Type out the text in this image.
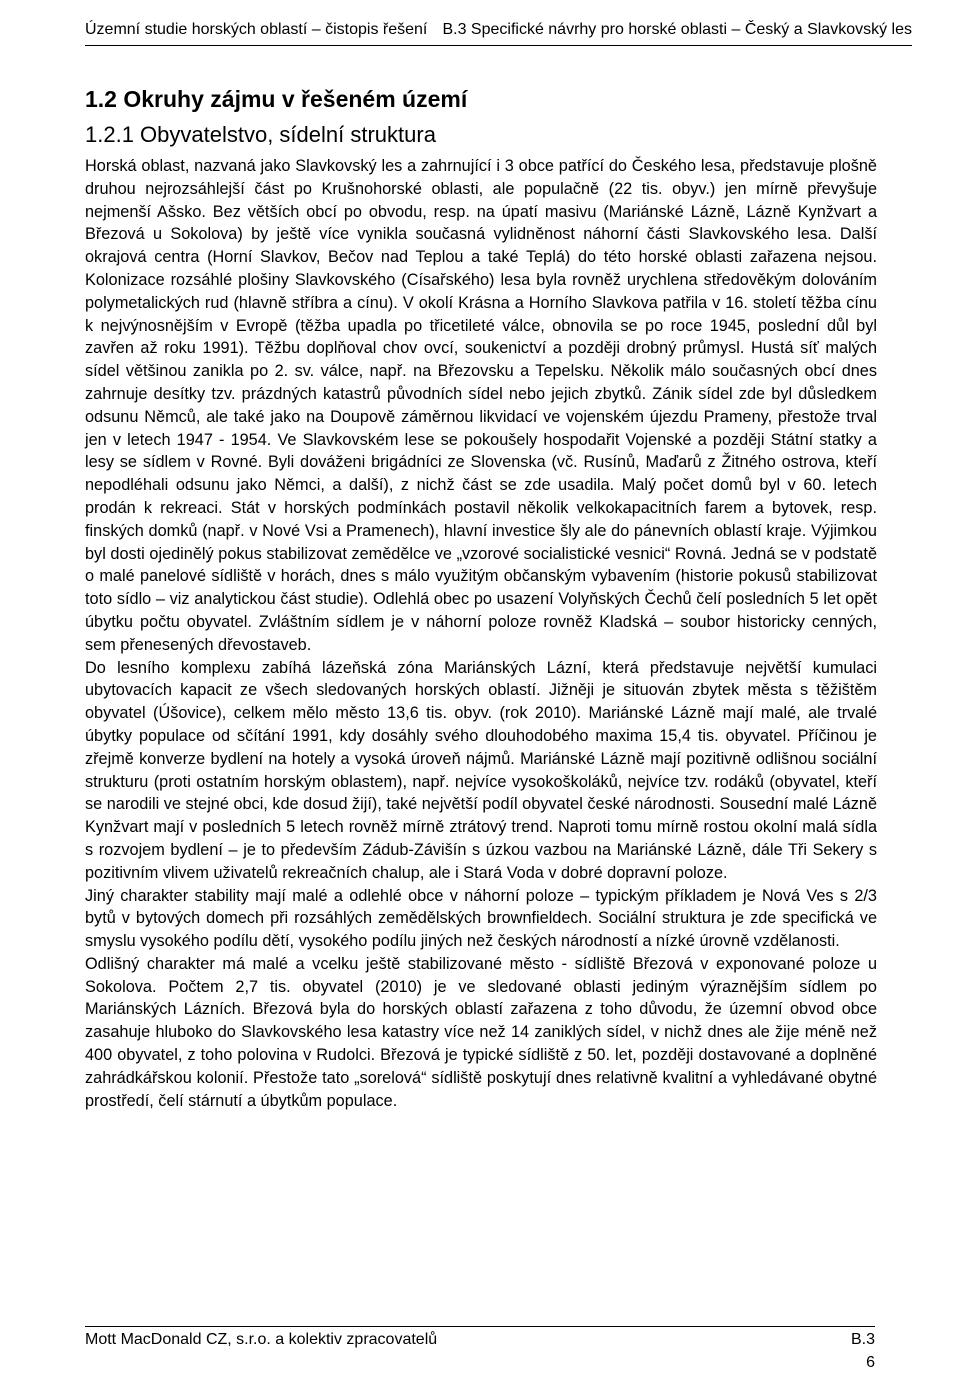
Územní studie horských oblastí – čistopis řešení B.3 Specifické návrhy pro horské oblasti – Český a Slavkovský les
1.2 Okruhy zájmu v řešeném území
1.2.1 Obyvatelstvo, sídelní struktura

Horská oblast, nazvaná jako Slavkovský les a zahrnující i 3 obce patřící do Českého lesa, představuje plošně druhou nejrozsáhlejší část po Krušnohorské oblasti, ale populačně (22 tis. obyv.) jen mírně převyšuje nejmenší Ašsko. Bez větších obcí po obvodu, resp. na úpatí masivu (Mariánské Lázně, Lázně Kynžvart a Březová u Sokolova) by ještě více vynikla současná vylidněnost náhorní části Slavkovského lesa. Další okrajová centra (Horní Slavkov, Bečov nad Teplou a také Teplá) do této horské oblasti zařazena nejsou. Kolonizace rozsáhlé plošiny Slavkovského (Císařského) lesa byla rovněž urychlena středověkým dolováním polymetalických rud (hlavně stříbra a cínu). V okolí Krásna a Horního Slavkova patřila v 16. století těžba cínu k nejvýnosnějším v Evropě (těžba upadla po třicetileté válce, obnovila se po roce 1945, poslední důl byl zavřen až roku 1991). Těžbu doplňoval chov ovcí, soukenictví a později drobný průmysl. Hustá síť malých sídel většinou zanikla po 2. sv. válce, např. na Březovsku a Tepelsku. Několik málo současných obcí dnes zahrnuje desítky tzv. prázdných katastrů původních sídel nebo jejich zbytků. Zánik sídel zde byl důsledkem odsunu Němců, ale také jako na Doupově záměrnou likvidací ve vojenském újezdu Prameny, přestože trval jen v letech 1947 - 1954. Ve Slavkovském lese se pokoušely hospodařit Vojenské a později Státní statky a lesy se sídlem v Rovné. Byli dováženi brigádníci ze Slovenska (vč. Rusínů, Maďarů z Žitného ostrova, kteří nepodléhali odsunu jako Němci, a další), z nichž část se zde usadila. Malý počet domů byl v 60. letech prodán k rekreaci. Stát v horských podmínkách postavil několik velkokapacitních farem a bytovek, resp. finských domků (např. v Nové Vsi a Pramenech), hlavní investice šly ale do pánevních oblastí kraje. Výjimkou byl dosti ojedinělý pokus stabilizovat zemědělce ve „vzorové socialistické vesnici“ Rovná. Jedná se v podstatě o malé panelové sídliště v horách, dnes s málo využitým občanským vybavením (historie pokusů stabilizovat toto sídlo – viz analytickou část studie). Odlehlá obec po usazení Volyňských Čechů čelí posledních 5 let opět úbytku počtu obyvatel. Zvláštním sídlem je v náhorní poloze rovněž Kladská – soubor historicky cenných, sem přenesených dřevostaveb.

Do lesního komplexu zabíhá lázeňská zóna Mariánských Lázní, která představuje největší kumulaci ubytovacích kapacit ze všech sledovaných horských oblastí. Jižněji je situován zbytek města s těžištěm obyvatel (Úšovice), celkem mělo město 13,6 tis. obyv. (rok 2010). Mariánské Lázně mají malé, ale trvalé úbytky populace od sčítání 1991, kdy dosáhly svého dlouhodobého maxima 15,4 tis. obyvatel. Příčinou je zřejmě konverze bydlení na hotely a vysoká úroveň nájmů. Mariánské Lázně mají pozitivně odlišnou sociální strukturu (proti ostatním horským oblastem), např. nejvíce vysokoškoláků, nejvíce tzv. rodáků (obyvatel, kteří se narodili ve stejné obci, kde dosud žijí), také největší podíl obyvatel české národnosti. Sousední malé Lázně Kynžvart mají v posledních 5 letech rovněž mírně ztrátový trend. Naproti tomu mírně rostou okolní malá sídla s rozvojem bydlení – je to především Zádub-Závišín s úzkou vazbou na Mariánské Lázně, dále Tři Sekery s pozitivním vlivem uživatelů rekreačních chalup, ale i Stará Voda v dobré dopravní poloze.

Jiný charakter stability mají malé a odlehlé obce v náhorní poloze – typickým příkladem je Nová Ves s 2/3 bytů v bytových domech při rozsáhlých zemědělských brownfieldech. Sociální struktura je zde specifická ve smyslu vysokého podílu dětí, vysokého podílu jiných než českých národností a nízké úrovně vzdělanosti.

Odlišný charakter má malé a vcelku ještě stabilizované město - sídliště Březová v exponované poloze u Sokolova. Počtem 2,7 tis. obyvatel (2010) je ve sledované oblasti jediným výraznějším sídlem po Mariánských Lázních. Březová byla do horských oblastí zařazena z toho důvodu, že územní obvod obce zasahuje hluboko do Slavkovského lesa katastry více než 14 zaniklých sídel, v nichž dnes ale žije méně než 400 obyvatel, z toho polovina v Rudolci. Březová je typické sídliště z 50. let, později dostavované a doplněné zahrádkářskou kolonií. Přestože tato „sorelová“ sídliště poskytují dnes relativně kvalitní a vyhledávané obytné prostředí, čelí stárnutí a úbytkům populace.

Mott MacDonald CZ, s.r.o. a kolektiv zpracovatelů	B.3
6
